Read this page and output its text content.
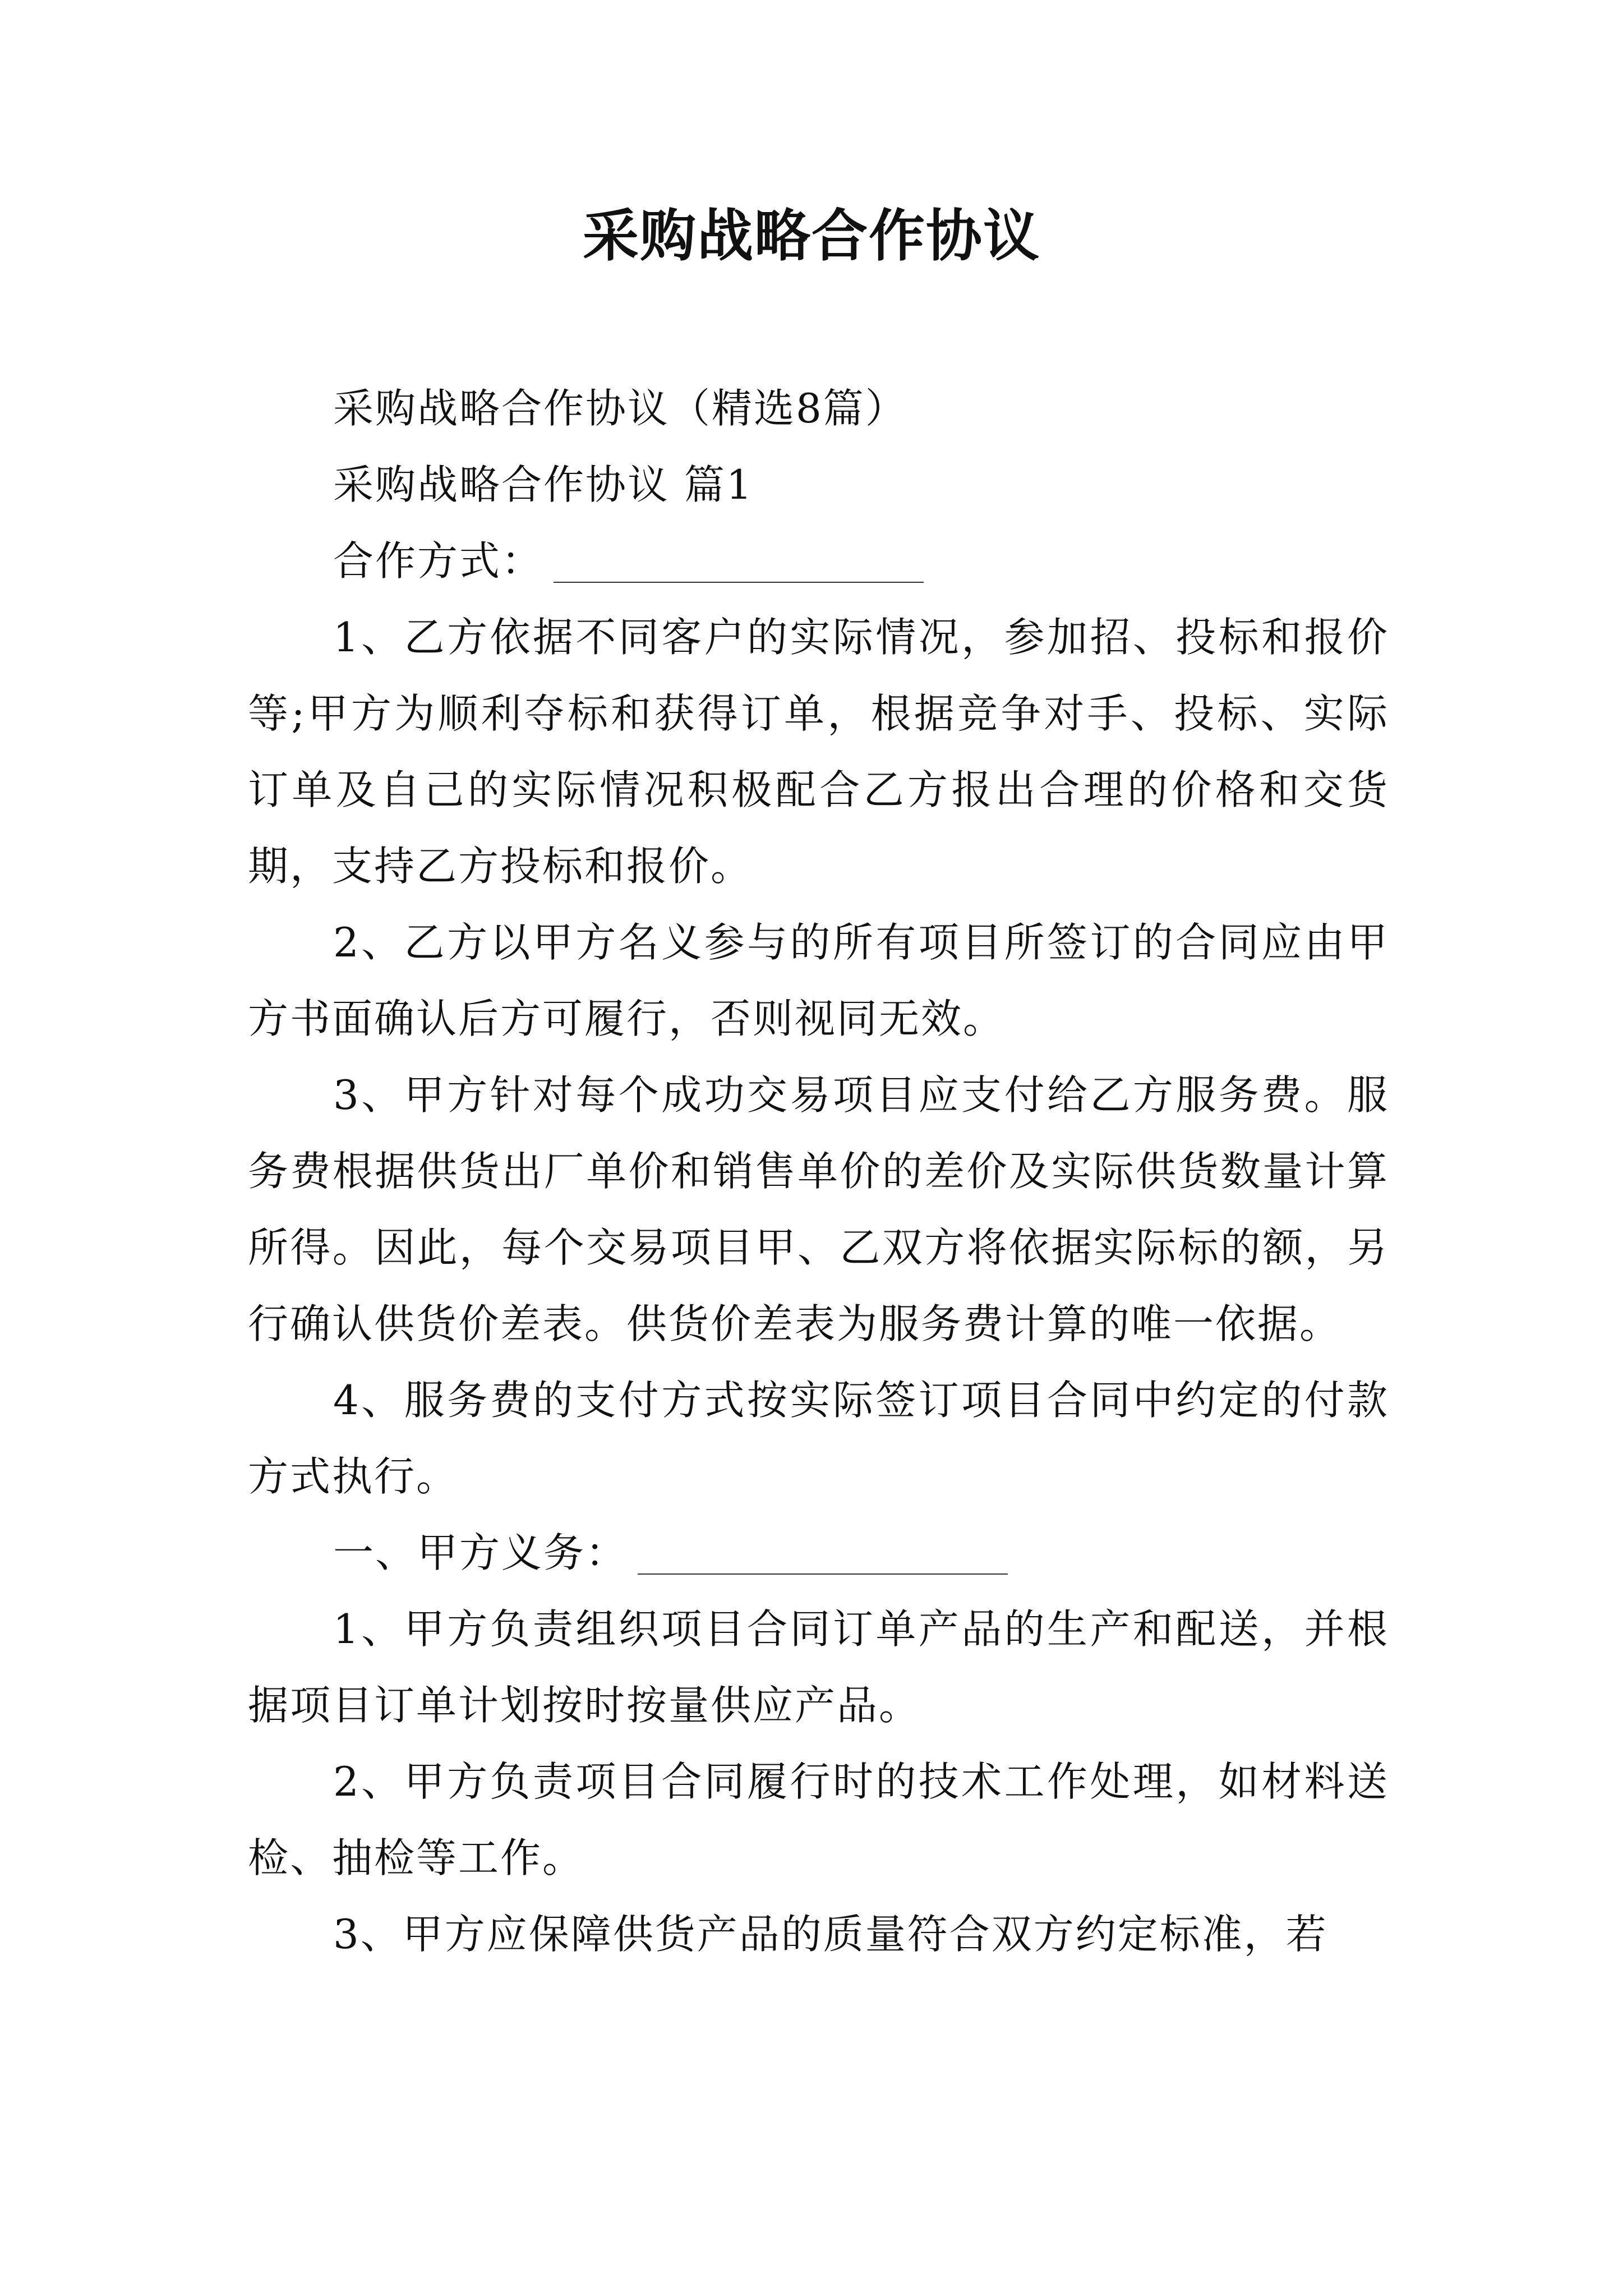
采购战略合作协议

采购战略合作协议（精选8篇）

采购战略合作协议 篇1

合作方式：

1、乙方依据不同客户的实际情况，参加招、投标和报价等;甲方为顺利夺标和获得订单，根据竞争对手、投标、实际订单及自己的实际情况积极配合乙方报出合理的价格和交货期，支持乙方投标和报价。

2、乙方以甲方名义参与的所有项目所签订的合同应由甲方书面确认后方可履行，否则视同无效。

3、甲方针对每个成功交易项目应支付给乙方服务费。服务费根据供货出厂单价和销售单价的差价及实际供货数量计算所得。因此，每个交易项目甲、乙双方将依据实际标的额，另行确认供货价差表。供货价差表为服务费计算的唯一依据。

4、服务费的支付方式按实际签订项目合同中约定的付款方式执行。

一、甲方义务：

1、甲方负责组织项目合同订单产品的生产和配送，并根据项目订单计划按时按量供应产品。

2、甲方负责项目合同履行时的技术工作处理，如材料送检、抽检等工作。

3、甲方应保障供货产品的质量符合双方约定标准，若
